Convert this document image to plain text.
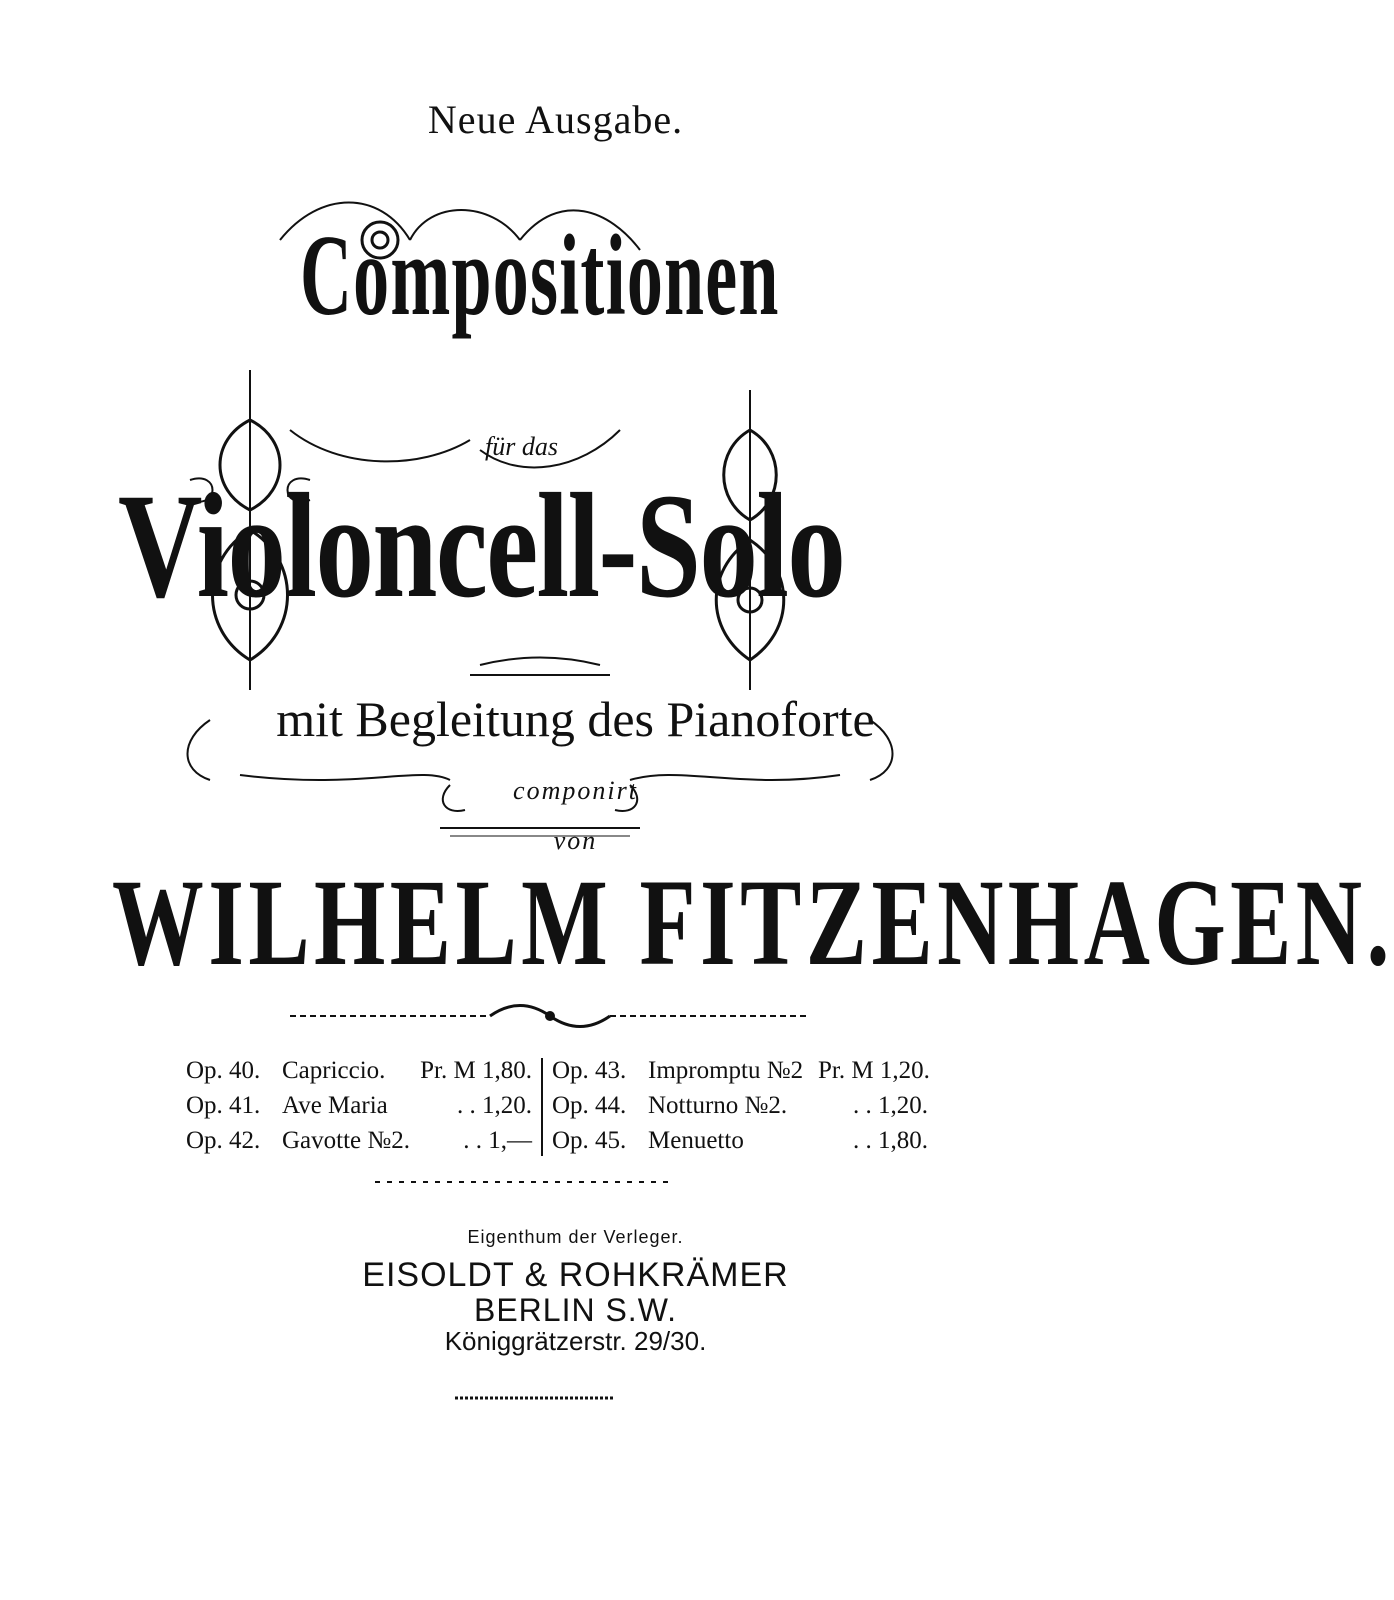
Neue Ausgabe.
Compositionen
für das
Violoncell-Solo
mit Begleitung des Pianoforte
componirt
von
WILHELM FITZENHAGEN.
Op. 40. Capriccio.	Pr. M 1,80.
Op. 41. Ave Maria	. . 1,20.
Op. 42. Gavotte №2.	. . 1,—
Op. 43. Impromptu №2 Pr. M 1,20.
Op. 44. Notturno №2.	. . 1,20.
Op. 45. Menuetto	. . 1,80.
Eigenthum der Verleger.
EISOLDT & ROHKRÄMER
BERLIN S.W.
Königgrätzerstr. 29/30.
